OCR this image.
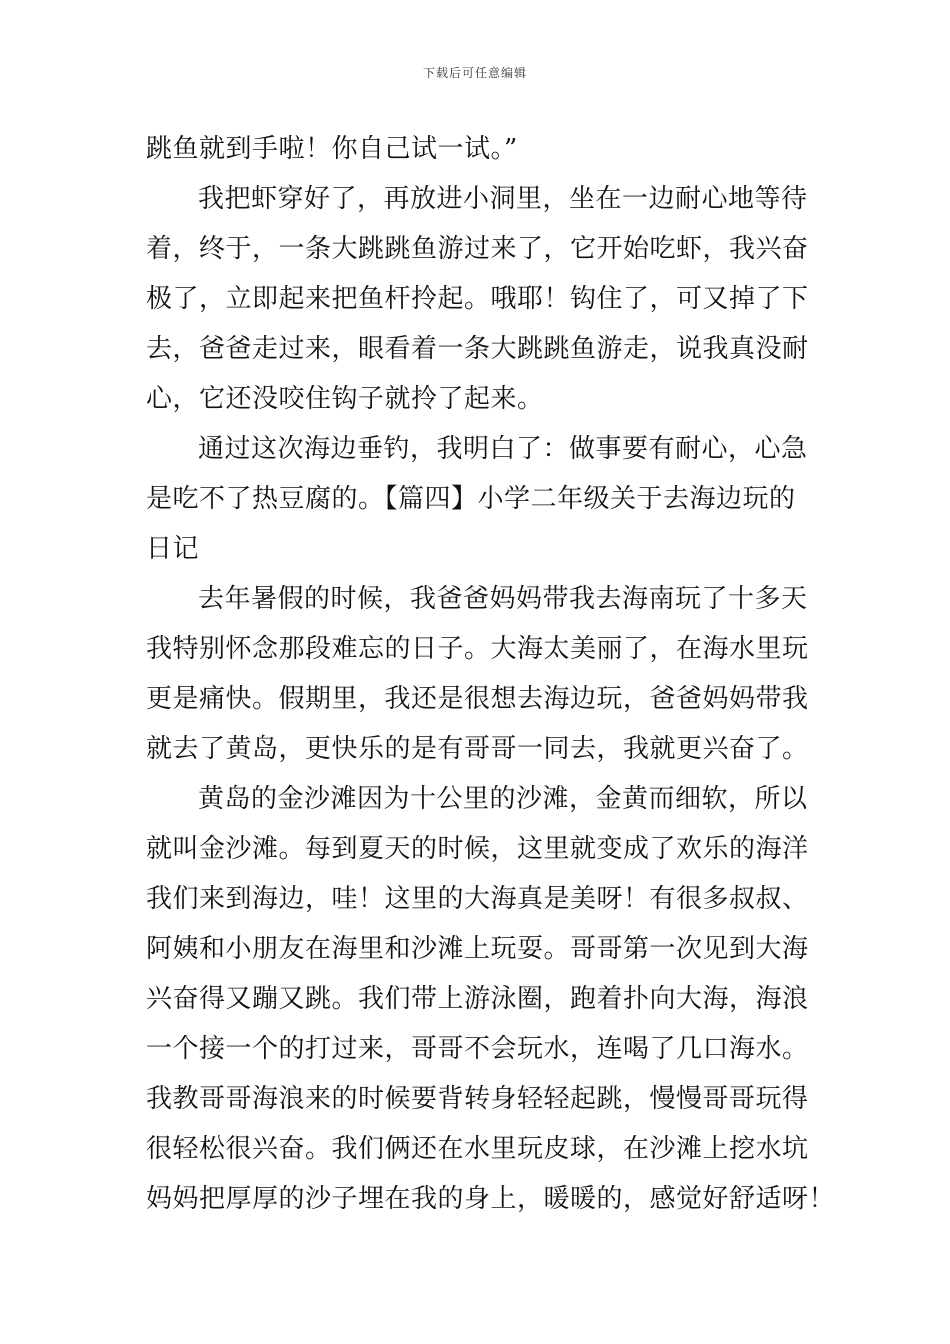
下载后可任意编辑
跳鱼就到手啦！你自己试一试。”
我把虾穿好了，再放进小洞里，坐在一边耐心地等待
着，终于，一条大跳跳鱼游过来了，它开始吃虾，我兴奋
极了，立即起来把鱼杆拎起。哦耶！钩住了，可又掉了下
去，爸爸走过来，眼看着一条大跳跳鱼游走，说我真没耐
心，它还没咬住钩子就拎了起来。
通过这次海边垂钓，我明白了：做事要有耐心，心急
是吃不了热豆腐的。【篇四】小学二年级关于去海边玩的
日记
去年暑假的时候，我爸爸妈妈带我去海南玩了十多天
我特别怀念那段难忘的日子。大海太美丽了，在海水里玩
更是痛快。假期里，我还是很想去海边玩，爸爸妈妈带我
就去了黄岛，更快乐的是有哥哥一同去，我就更兴奋了。
黄岛的金沙滩因为十公里的沙滩，金黄而细软，所以
就叫金沙滩。每到夏天的时候，这里就变成了欢乐的海洋
我们来到海边，哇！这里的大海真是美呀！有很多叔叔、
阿姨和小朋友在海里和沙滩上玩耍。哥哥第一次见到大海
兴奋得又蹦又跳。我们带上游泳圈，跑着扑向大海，海浪
一个接一个的打过来，哥哥不会玩水，连喝了几口海水。
我教哥哥海浪来的时候要背转身轻轻起跳，慢慢哥哥玩得
很轻松很兴奋。我们俩还在水里玩皮球，在沙滩上挖水坑
妈妈把厚厚的沙子埋在我的身上，暖暖的，感觉好舒适呀！
